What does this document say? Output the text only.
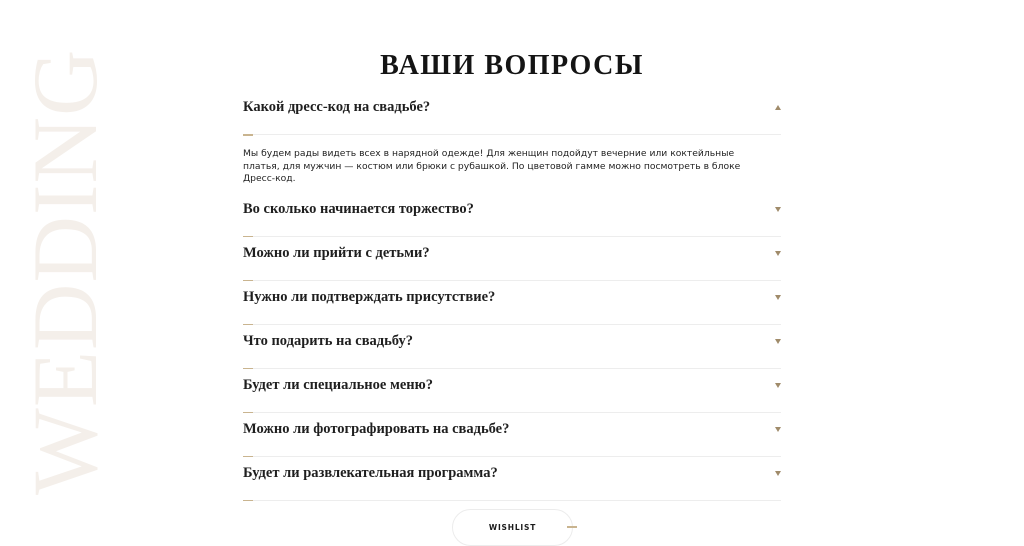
WEDDING	ВАШИ ВОПРОСЫ
Какой дресс-код на свадьбе?
Мы будем рады видеть всех в нарядной одежде! Для женщин подойдут вечерние или коктейльные платья, для мужчин — костюм или брюки с рубашкой. По цветовой гамме можно посмотреть в блоке Дресс-код.
Во сколько начинается торжество?
Можно ли прийти с детьми?
Нужно ли подтверждать присутствие?
Что подарить на свадьбу?
Будет ли специальное меню?
Можно ли фотографировать на свадьбе?
Будет ли развлекательная программа?
WISHLIST
